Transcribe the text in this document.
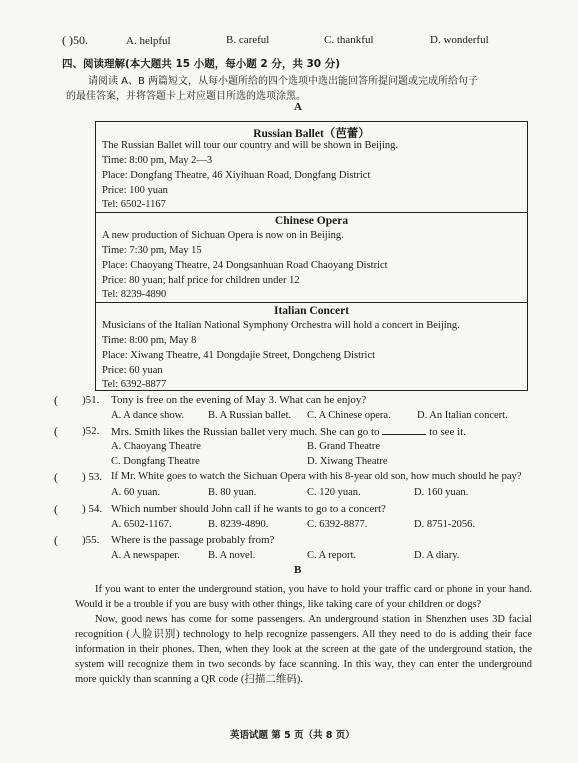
( )50.	A. helpful	B. careful	C. thankful	D. wonderful
四、阅读理解(本大题共 15 小题，每小题 2 分，共 30 分)
请阅读 A、B 两篇短文，从每小题所给的四个选项中选出能回答所提问题或完成所给句子
的最佳答案，并将答题卡上对应题目所选的选项涂黑。
A
Russian Ballet（芭蕾）
The Russian Ballet will tour our country and will be shown in Beijing.
Time: 8:00 pm, May 2—3
Place: Dongfang Theatre, 46 Xiyihuan Road, Dongfang District
Price: 100 yuan
Tel: 6502-1167
Chinese Opera
A new production of Sichuan Opera is now on in Beijing.
Time: 7:30 pm, May 15
Place: Chaoyang Theatre, 24 Dongsanhuan Road Chaoyang District
Price: 80 yuan; half price for children under 12
Tel: 8239-4890
Italian Concert
Musicians of the Italian National Symphony Orchestra will hold a concert in Beijing.
Time: 8:00 pm, May 8
Place: Xiwang Theatre, 41 Dongdajie Street, Dongcheng District
Price: 60 yuan
Tel: 6392-8877
( )51. Tony is free on the evening of May 3. What can he enjoy?
A. A dance show. B. A Russian ballet. C. A Chinese opera.	D. An Italian concert.
( )52. Mrs. Smith likes the Russian ballet very much. She can go to	to see it.
A. Chaoyang Theatre	B. Grand Theatre
C. Dongfang Theatre	D. Xiwang Theatre
( ) 53. If Mr. White goes to watch the Sichuan Opera with his 8-year old son, how much should he pay?
A. 60 yuan.	B. 80 yuan.	C. 120 yuan.	D. 160 yuan.
( ) 54. Which number should John call if he wants to go to a concert?
A. 6502-1167.	B. 8239-4890.	C. 6392-8877.	D. 8751-2056.
( )55. Where is the passage probably from?
A. A newspaper.	B. A novel.	C. A report.	D. A diary.
B

If you want to enter the underground station, you have to hold your traffic card or phone in your hand. Would it be a trouble if you are busy with other things, like taking care of your children or dogs?

Now, good news has come for some passengers. An underground station in Shenzhen uses 3D facial recognition (人脸识别) technology to help recognize passengers. All they need to do is adding their face information in their phones. Then, when they look at the screen at the gate of the underground station, the system will recognize them in two seconds by face scanning. In this way, they can enter the underground more quickly than scanning a QR code (扫描二维码).

英语试题 第 5 页（共 8 页）
